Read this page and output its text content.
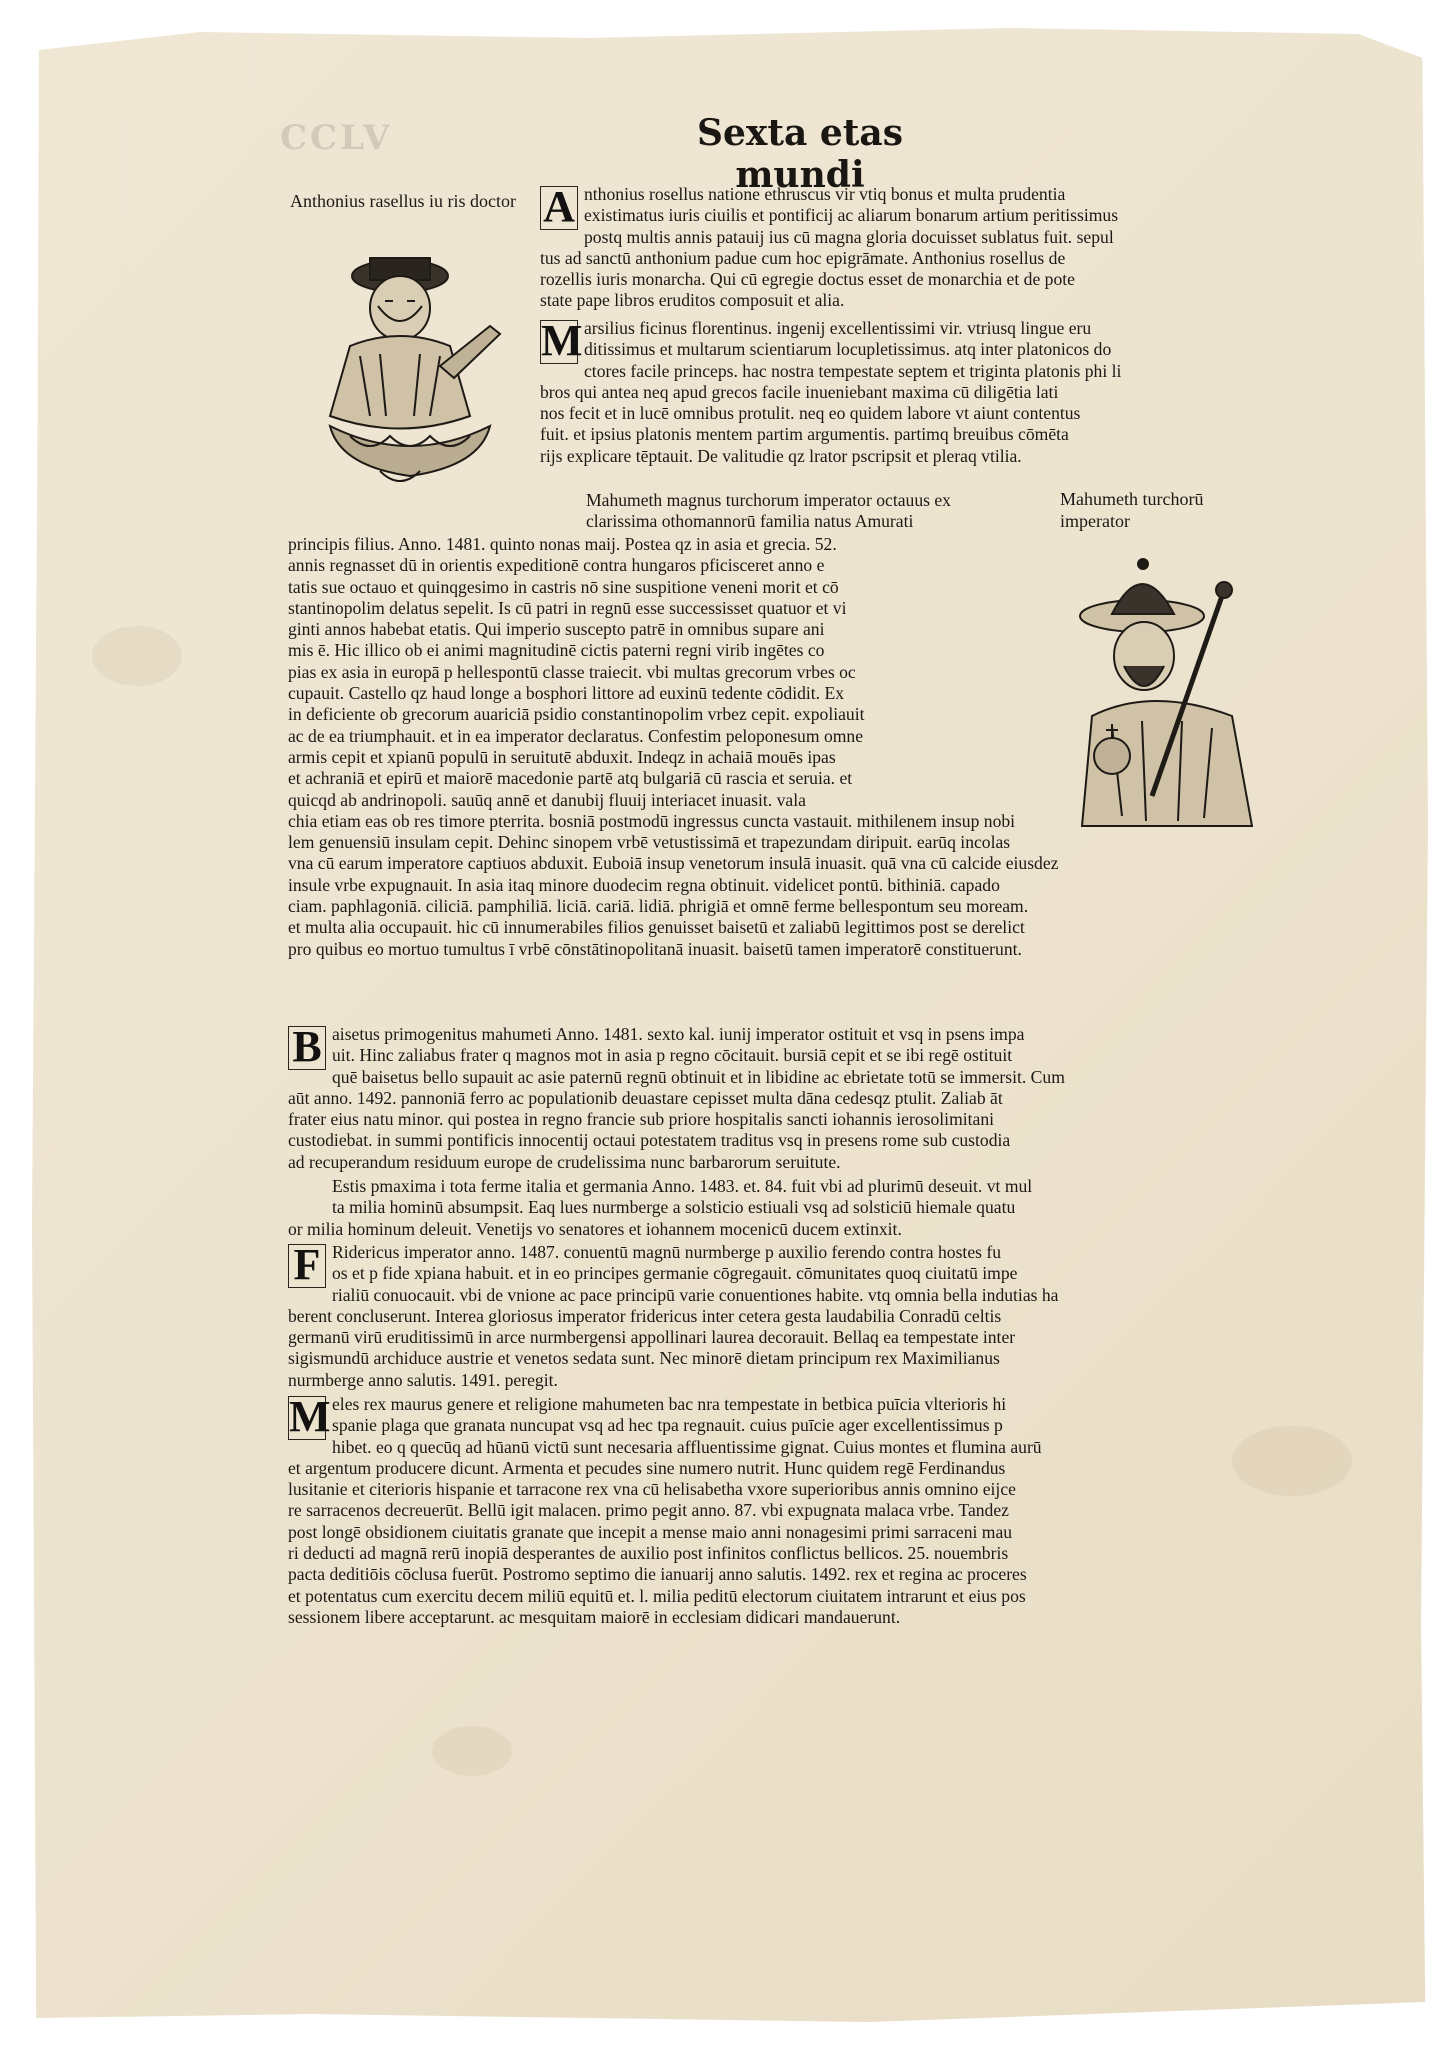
CCLV	Sexta etas mundi
Anthonius rasellus iu ris doctor A nthonius rosellus natione ethruscus vir vtiq bonus et multa prudentia
existimatus iuris ciuilis et pontificij ac aliarum bonarum artium peritissimus
postq multis annis patauij ius cū magna gloria docuisset sublatus fuit. sepul
tus ad sanctū anthonium padue cum hoc epigrāmate. Anthonius rosellus de
rozellis iuris monarcha. Qui cū egregie doctus esset de monarchia et de pote
state pape libros eruditos composuit et alia.
M arsilius ficinus florentinus. ingenij excellentissimi vir. vtriusq lingue eru
ditissimus et multarum scientiarum locupletissimus. atq inter platonicos do
ctores facile princeps. hac nostra tempestate septem et triginta platonis phi li
bros qui antea neq apud grecos facile inueniebant maxima cū diligētia lati
nos fecit et in lucē omnibus protulit. neq eo quidem labore vt aiunt contentus
fuit. et ipsius platonis mentem partim argumentis. partimq breuibus cōmēta
rijs explicare tēptauit. De valitudie qz lrator pscripsit et pleraq vtilia.
Mahumeth magnus turchorum imperator octauus ex
clarissima othomannorū familia natus Amurati
Mahumeth turchorū
imperator
principis filius. Anno. 1481. quinto nonas maij. Postea qz in asia et grecia. 52.
annis regnasset dū in orientis expeditionē contra hungaros pficisceret anno e
tatis sue octauo et quinqgesimo in castris nō sine suspitione veneni morit et cō
stantinopolim delatus sepelit. Is cū patri in regnū esse successisset quatuor et vi
ginti annos habebat etatis. Qui imperio suscepto patrē in omnibus supare ani
mis ē. Hic illico ob ei animi magnitudinē cictis paterni regni virib ingētes co
pias ex asia in europā p hellespontū classe traiecit. vbi multas grecorum vrbes oc
cupauit. Castello qz haud longe a bosphori littore ad euxinū tedente cōdidit. Ex
in deficiente ob grecorum auariciā psidio constantinopolim vrbez cepit. expoliauit
ac de ea triumphauit. et in ea imperator declaratus. Confestim peloponesum omne
armis cepit et xpianū populū in seruitutē abduxit. Indeqz in achaiā mouēs ipas
et achraniā et epirū et maiorē macedonie partē atq bulgariā cū rascia et seruia. et
quicqd ab andrinopoli. sauūq annē et danubij fluuij interiacet inuasit. vala
chia etiam eas ob res timore pterrita. bosniā postmodū ingressus cuncta vastauit. mithilenem insup nobi
lem genuensiū insulam cepit. Dehinc sinopem vrbē vetustissimā et trapezundam diripuit. earūq incolas
vna cū earum imperatore captiuos abduxit. Euboiā insup venetorum insulā inuasit. quā vna cū calcide eiusdez
insule vrbe expugnauit. In asia itaq minore duodecim regna obtinuit. videlicet pontū. bithiniā. capado
ciam. paphlagoniā. ciliciā. pamphiliā. liciā. cariā. lidiā. phrigiā et omnē ferme bellespontum seu moream.
et multa alia occupauit. hic cū innumerabiles filios genuisset baisetū et zaliabū legittimos post se derelict
pro quibus eo mortuo tumultus ī vrbē cōnstātinopolitanā inuasit. baisetū tamen imperatorē constituerunt.
B aisetus primogenitus mahumeti Anno. 1481. sexto kal. iunij imperator ostituit et vsq in psens impa
uit. Hinc zaliabus frater q magnos mot in asia p regno cōcitauit. bursiā cepit et se ibi regē ostituit
quē baisetus bello supauit ac asie paternū regnū obtinuit et in libidine ac ebrietate totū se immersit. Cum
aūt anno. 1492. pannoniā ferro ac populationib deuastare cepisset multa dāna cedesqz ptulit. Zaliab āt
frater eius natu minor. qui postea in regno francie sub priore hospitalis sancti iohannis ierosolimitani
custodiebat. in summi pontificis innocentij octaui potestatem traditus vsq in presens rome sub custodia
ad recuperandum residuum europe de crudelissima nunc barbarorum seruitute.
Estis pmaxima i tota ferme italia et germania Anno. 1483. et. 84. fuit vbi ad plurimū deseuit. vt mul
ta milia hominū absumpsit. Eaq lues nurmberge a solsticio estiuali vsq ad solsticiū hiemale quatu
or milia hominum deleuit. Venetijs vo senatores et iohannem mocenicū ducem extinxit.
F Ridericus imperator anno. 1487. conuentū magnū nurmberge p auxilio ferendo contra hostes fu
os et p fide xpiana habuit. et in eo principes germanie cōgregauit. cōmunitates quoq ciuitatū impe
rialiū conuocauit. vbi de vnione ac pace principū varie conuentiones habite. vtq omnia bella indutias ha
berent concluserunt. Interea gloriosus imperator fridericus inter cetera gesta laudabilia Conradū celtis
germanū virū eruditissimū in arce nurmbergensi appollinari laurea decorauit. Bellaq ea tempestate inter
sigismundū archiduce austrie et venetos sedata sunt. Nec minorē dietam principum rex Maximilianus
nurmberge anno salutis. 1491. peregit.
M eles rex maurus genere et religione mahumeten bac nra tempestate in betbica puīcia vlterioris hi
spanie plaga que granata nuncupat vsq ad hec tpa regnauit. cuius puīcie ager excellentissimus p
hibet. eo q quecūq ad hūanū victū sunt necesaria affluentissime gignat. Cuius montes et flumina aurū
et argentum producere dicunt. Armenta et pecudes sine numero nutrit. Hunc quidem regē Ferdinandus
lusitanie et citerioris hispanie et tarracone rex vna cū helisabetha vxore superioribus annis omnino eijce
re sarracenos decreuerūt. Bellū igit malacen. primo pegit anno. 87. vbi expugnata malaca vrbe. Tandez
post longē obsidionem ciuitatis granate que incepit a mense maio anni nonagesimi primi sarraceni mau
ri deducti ad magnā rerū inopiā desperantes de auxilio post infinitos conflictus bellicos. 25. nouembris
pacta deditiōis cōclusa fuerūt. Postromo septimo die ianuarij anno salutis. 1492. rex et regina ac proceres
et potentatus cum exercitu decem miliū equitū et. l. milia peditū electorum ciuitatem intrarunt et eius pos
sessionem libere acceptarunt. ac mesquitam maiorē in ecclesiam didicari mandauerunt.
